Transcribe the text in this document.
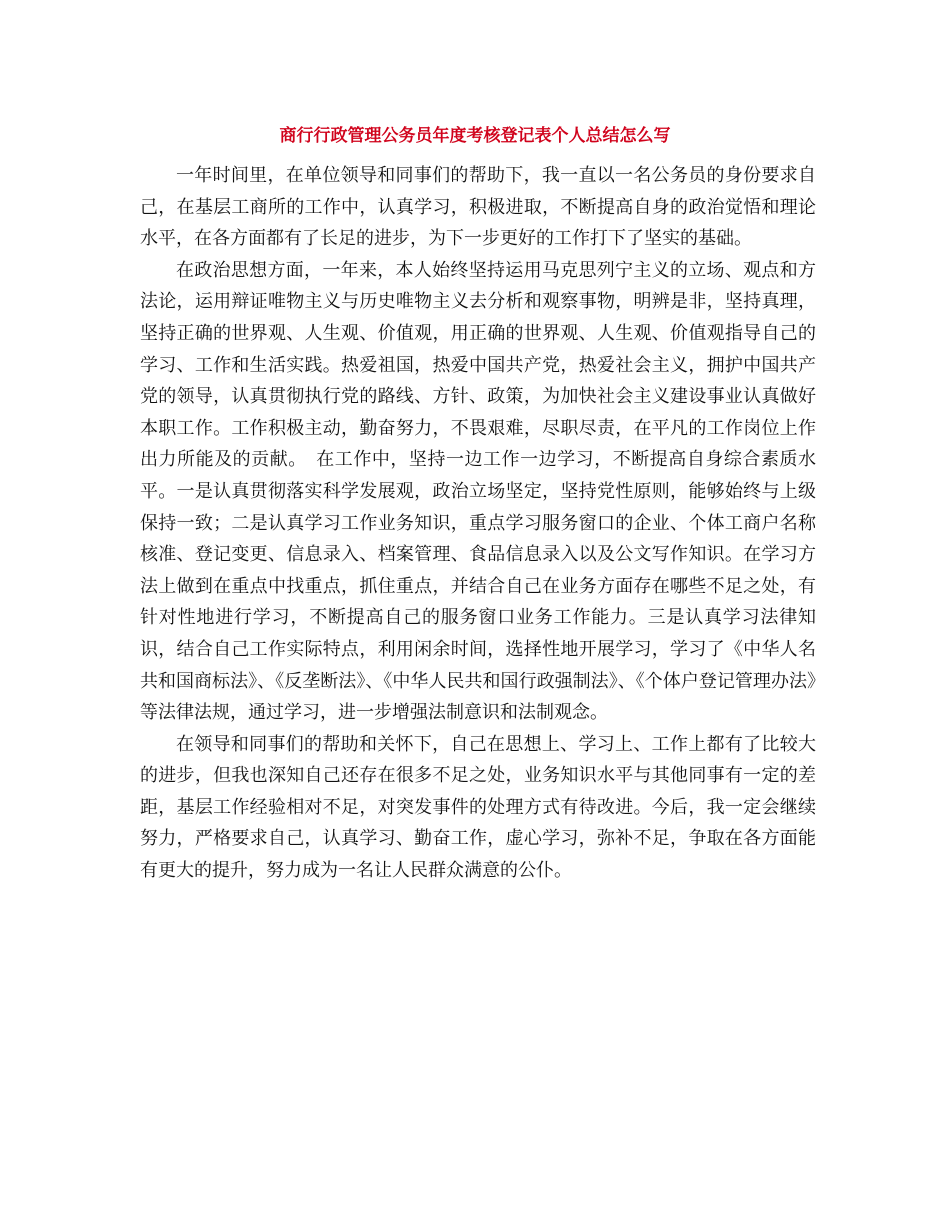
商行行政管理公务员年度考核登记表个人总结怎么写

一年时间里，在单位领导和同事们的帮助下，我一直以一名公务员的身份要求自己，在基层工商所的工作中，认真学习，积极进取，不断提高自身的政治觉悟和理论水平，在各方面都有了长足的进步，为下一步更好的工作打下了坚实的基础。

在政治思想方面，一年来，本人始终坚持运用马克思列宁主义的立场、观点和方法论，运用辩证唯物主义与历史唯物主义去分析和观察事物，明辨是非，坚持真理，坚持正确的世界观、人生观、价值观，用正确的世界观、人生观、价值观指导自己的学习、工作和生活实践。热爱祖国，热爱中国共产党，热爱社会主义，拥护中国共产党的领导，认真贯彻执行党的路线、方针、政策，为加快社会主义建设事业认真做好本职工作。工作积极主动，勤奋努力，不畏艰难，尽职尽责，在平凡的工作岗位上作出力所能及的贡献。　在工作中，坚持一边工作一边学习，不断提高自身综合素质水平。一是认真贯彻落实科学发展观，政治立场坚定，坚持党性原则，能够始终与上级保持一致；二是认真学习工作业务知识，重点学习服务窗口的企业、个体工商户名称核准、登记变更、信息录入、档案管理、食品信息录入以及公文写作知识。在学习方法上做到在重点中找重点，抓住重点，并结合自己在业务方面存在哪些不足之处，有针对性地进行学习，不断提高自己的服务窗口业务工作能力。三是认真学习法律知识，结合自己工作实际特点，利用闲余时间，选择性地开展学习，学习了《中华人名共和国商标法》、《反垄断法》、《中华人民共和国行政强制法》、《个体户登记管理办法》等法律法规，通过学习，进一步增强法制意识和法制观念。

在领导和同事们的帮助和关怀下，自己在思想上、学习上、工作上都有了比较大的进步，但我也深知自己还存在很多不足之处，业务知识水平与其他同事有一定的差距，基层工作经验相对不足，对突发事件的处理方式有待改进。今后，我一定会继续努力，严格要求自己，认真学习、勤奋工作，虚心学习，弥补不足，争取在各方面能有更大的提升，努力成为一名让人民群众满意的公仆。
